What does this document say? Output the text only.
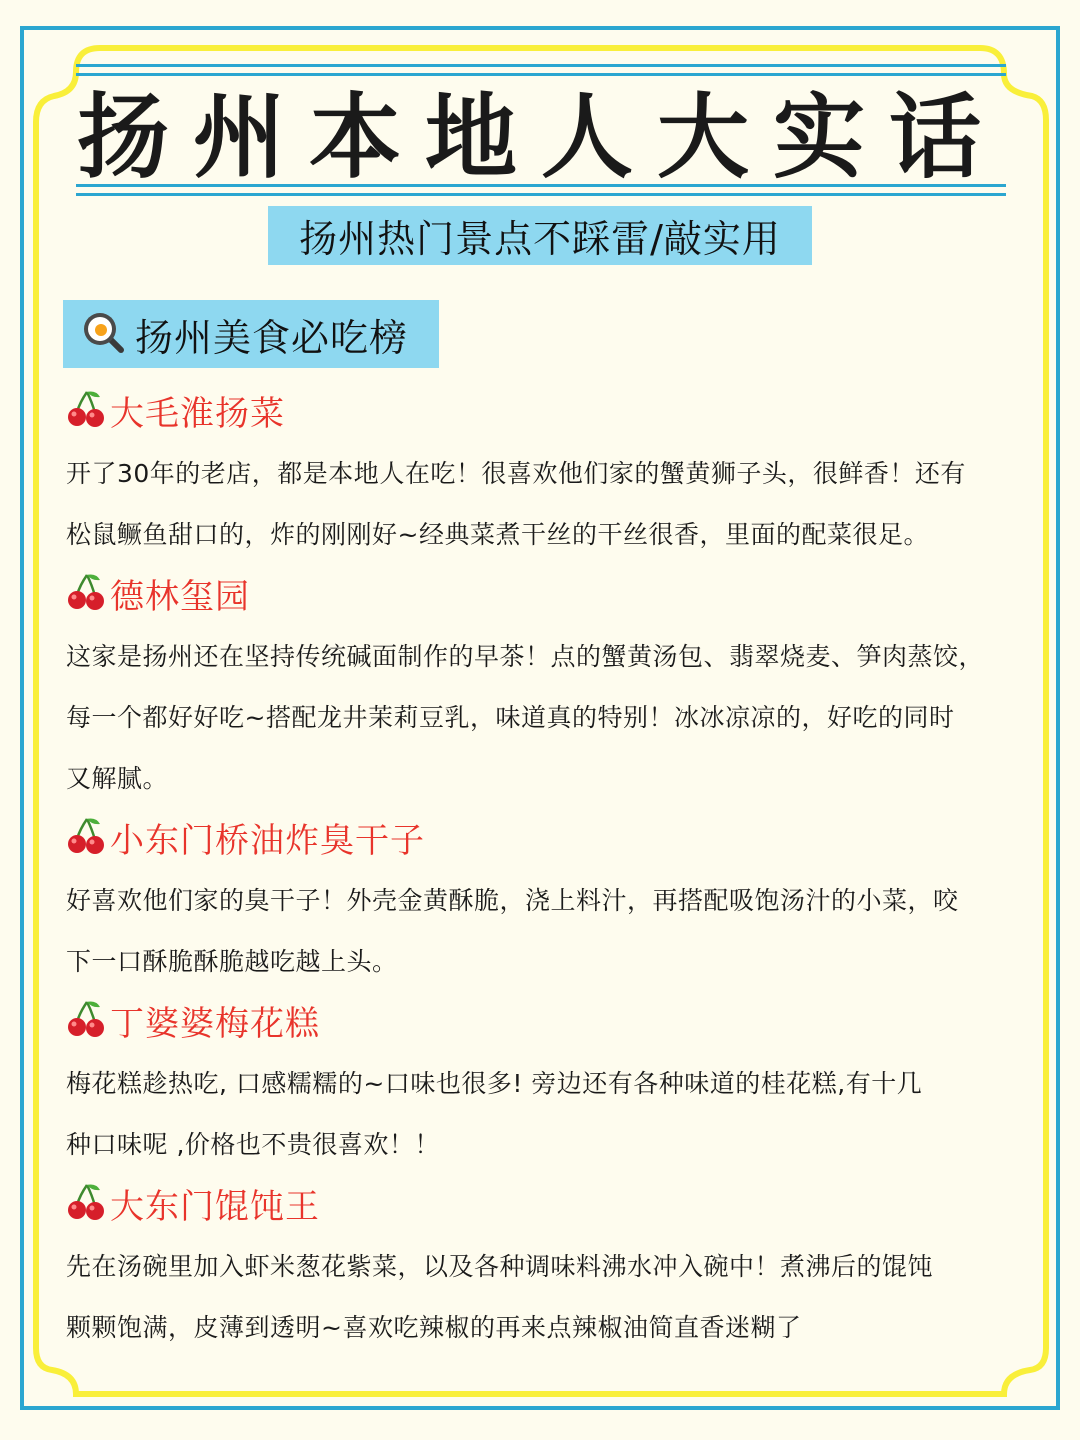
扬州本地人大实话
扬州热门景点不踩雷/敲实用
扬州美食必吃榜
大毛淮扬菜

开了30年的老店，都是本地人在吃！很喜欢他们家的蟹黄狮子头，很鲜香！还有
松鼠鳜鱼甜口的，炸的刚刚好~经典菜煮干丝的干丝很香，里面的配菜很足。

德林玺园

这家是扬州还在坚持传统碱面制作的早茶！点的蟹黄汤包、翡翠烧麦、笋肉蒸饺，
每一个都好好吃~搭配龙井茉莉豆乳，味道真的特别！冰冰凉凉的，好吃的同时
又解腻。

小东门桥油炸臭干子

好喜欢他们家的臭干子！外壳金黄酥脆，浇上料汁，再搭配吸饱汤汁的小菜，咬
下一口酥脆酥脆越吃越上头。

丁婆婆梅花糕

梅花糕趁热吃, 口感糯糯的~口味也很多! 旁边还有各种味道的桂花糕,有十几
种口味呢 ,价格也不贵很喜欢！！

大东门馄饨王

先在汤碗里加入虾米葱花紫菜，以及各种调味料沸水冲入碗中！煮沸后的馄饨
颗颗饱满，皮薄到透明~喜欢吃辣椒的再来点辣椒油简直香迷糊了
